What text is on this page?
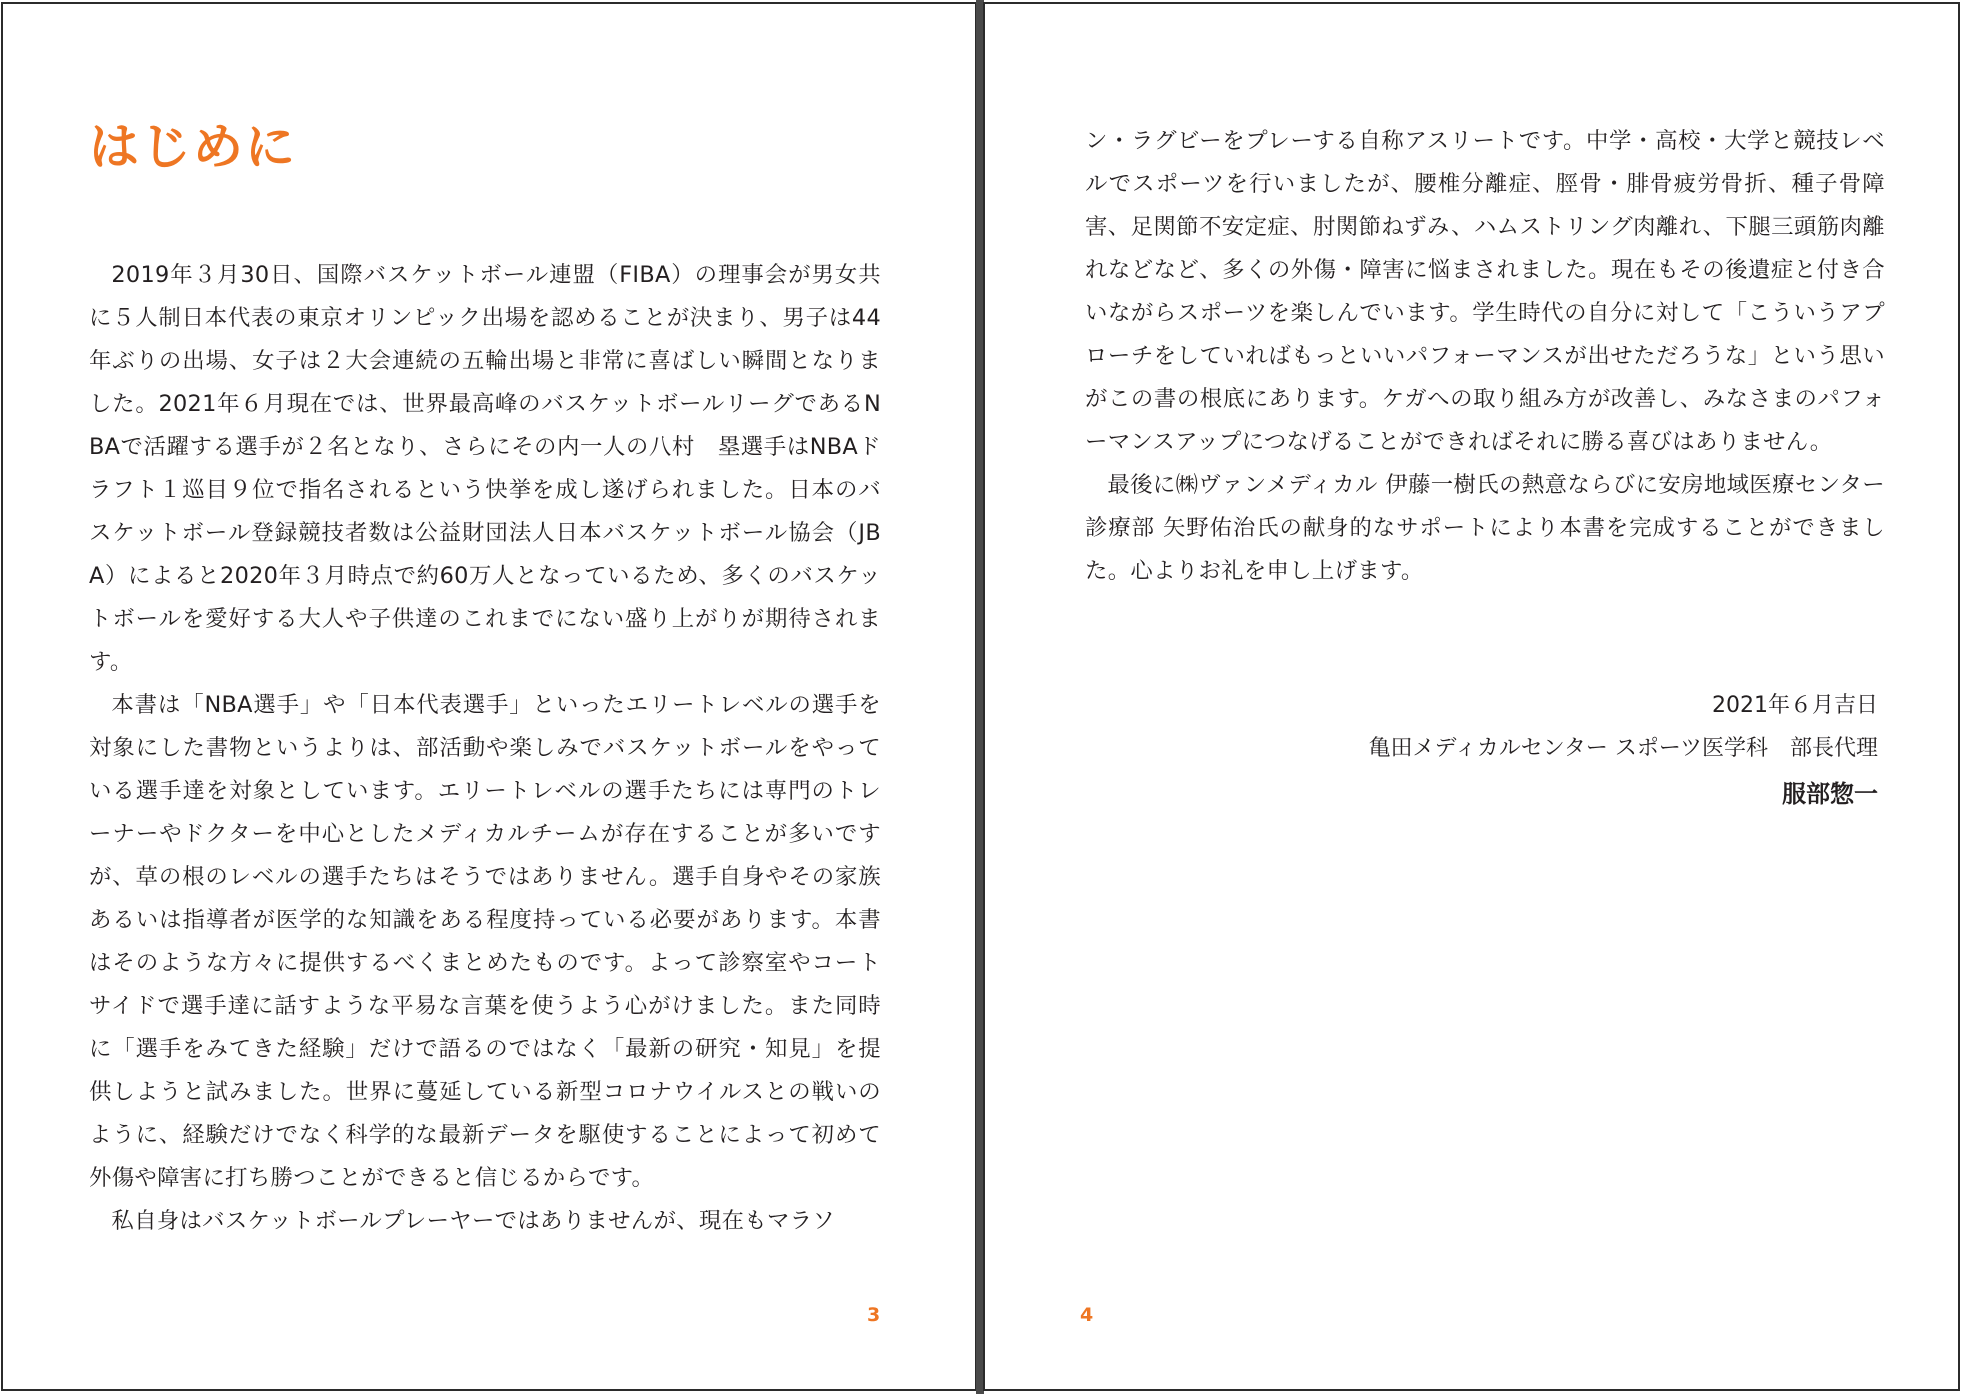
はじめに

2019年３月30日、国際バスケットボール連盟（FIBA）の理事会が男女共に５人制日本代表の東京オリンピック出場を認めることが決まり、男子は44年ぶりの出場、女子は２大会連続の五輪出場と非常に喜ばしい瞬間となりました。2021年６月現在では、世界最高峰のバスケットボールリーグであるNBAで活躍する選手が２名となり、さらにその内一人の八村　塁選手はNBAドラフト１巡目９位で指名されるという快挙を成し遂げられました。日本のバスケットボール登録競技者数は公益財団法人日本バスケットボール協会（JBA）によると2020年３月時点で約60万人となっているため、多くのバスケットボールを愛好する大人や子供達のこれまでにない盛り上がりが期待されます。

本書は「NBA選手」や「日本代表選手」といったエリートレベルの選手を対象にした書物というよりは、部活動や楽しみでバスケットボールをやっている選手達を対象としています。エリートレベルの選手たちには専門のトレーナーやドクターを中心としたメディカルチームが存在することが多いですが、草の根のレベルの選手たちはそうではありません。選手自身やその家族あるいは指導者が医学的な知識をある程度持っている必要があります。本書はそのような方々に提供するべくまとめたものです。よって診察室やコートサイドで選手達に話すような平易な言葉を使うよう心がけました。また同時に「選手をみてきた経験」だけで語るのではなく「最新の研究・知見」を提供しようと試みました。世界に蔓延している新型コロナウイルスとの戦いのように、経験だけでなく科学的な最新データを駆使することによって初めて外傷や障害に打ち勝つことができると信じるからです。

私自身はバスケットボールプレーヤーではありませんが、現在もマラソ

3

ン・ラグビーをプレーする自称アスリートです。中学・高校・大学と競技レベルでスポーツを行いましたが、腰椎分離症、脛骨・腓骨疲労骨折、種子骨障害、足関節不安定症、肘関節ねずみ、ハムストリング肉離れ、下腿三頭筋肉離れなどなど、多くの外傷・障害に悩まされました。現在もその後遺症と付き合いながらスポーツを楽しんでいます。学生時代の自分に対して「こういうアプローチをしていればもっといいパフォーマンスが出せただろうな」という思いがこの書の根底にあります。ケガへの取り組み方が改善し、みなさまのパフォーマンスアップにつなげることができればそれに勝る喜びはありません。

最後に㈱ヴァンメディカル 伊藤一樹氏の熱意ならびに安房地域医療センター診療部 矢野佑治氏の献身的なサポートにより本書を完成することができました。心よりお礼を申し上げます。

2021年６月吉日
亀田メディカルセンター スポーツ医学科　部長代理
服部惣一
4
